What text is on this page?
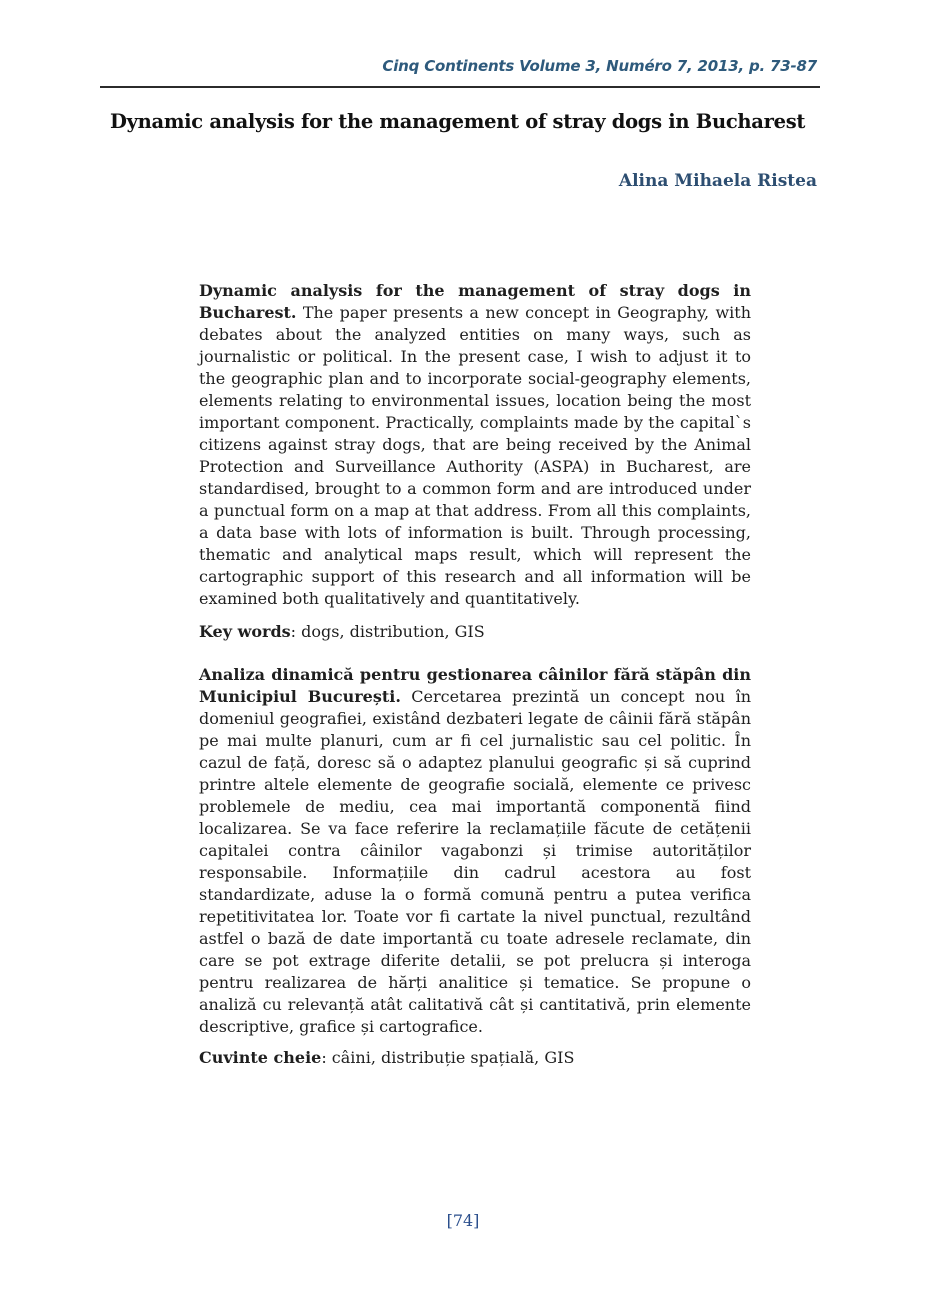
Cinq Continents Volume 3, Numéro 7, 2013, p. 73-87
Dynamic analysis for the management of stray dogs in Bucharest
Alina Mihaela Ristea

Dynamic analysis for the management of stray dogs in Bucharest. The paper presents a new concept in Geography, with debates about the analyzed entities on many ways, such as journalistic or political. In the present case, I wish to adjust it to the geographic plan and to incorporate social-geography elements, elements relating to environmental issues, location being the most important component. Practically, complaints made by the capital`s citizens against stray dogs, that are being received by the Animal Protection and Surveillance Authority (ASPA) in Bucharest, are standardised, brought to a common form and are introduced under a punctual form on a map at that address. From all this complaints, a data base with lots of information is built. Through processing, thematic and analytical maps result, which will represent the cartographic support of this research and all information will be examined both qualitatively and quantitatively.

Key words: dogs, distribution, GIS

Analiza dinamică pentru gestionarea câinilor fără stăpân din Municipiul București. Cercetarea prezintă un concept nou în domeniul geografiei, existând dezbateri legate de câinii fără stăpân pe mai multe planuri, cum ar fi cel jurnalistic sau cel politic. În cazul de față, doresc să o adaptez planului geografic și să cuprind printre altele elemente de geografie socială, elemente ce privesc problemele de mediu, cea mai importantă componentă fiind localizarea. Se va face referire la reclamațiile făcute de cetățenii capitalei contra câinilor vagabonzi și trimise autorităților responsabile. Informațiile din cadrul acestora au fost standardizate, aduse la o formă comună pentru a putea verifica repetitivitatea lor. Toate vor fi cartate la nivel punctual, rezultând astfel o bază de date importantă cu toate adresele reclamate, din care se pot extrage diferite detalii, se pot prelucra și interoga pentru realizarea de hărți analitice și tematice. Se propune o analiză cu relevanță atât calitativă cât și cantitativă, prin elemente descriptive, grafice și cartografice.

Cuvinte cheie: câini, distribuție spațială, GIS

[74]
